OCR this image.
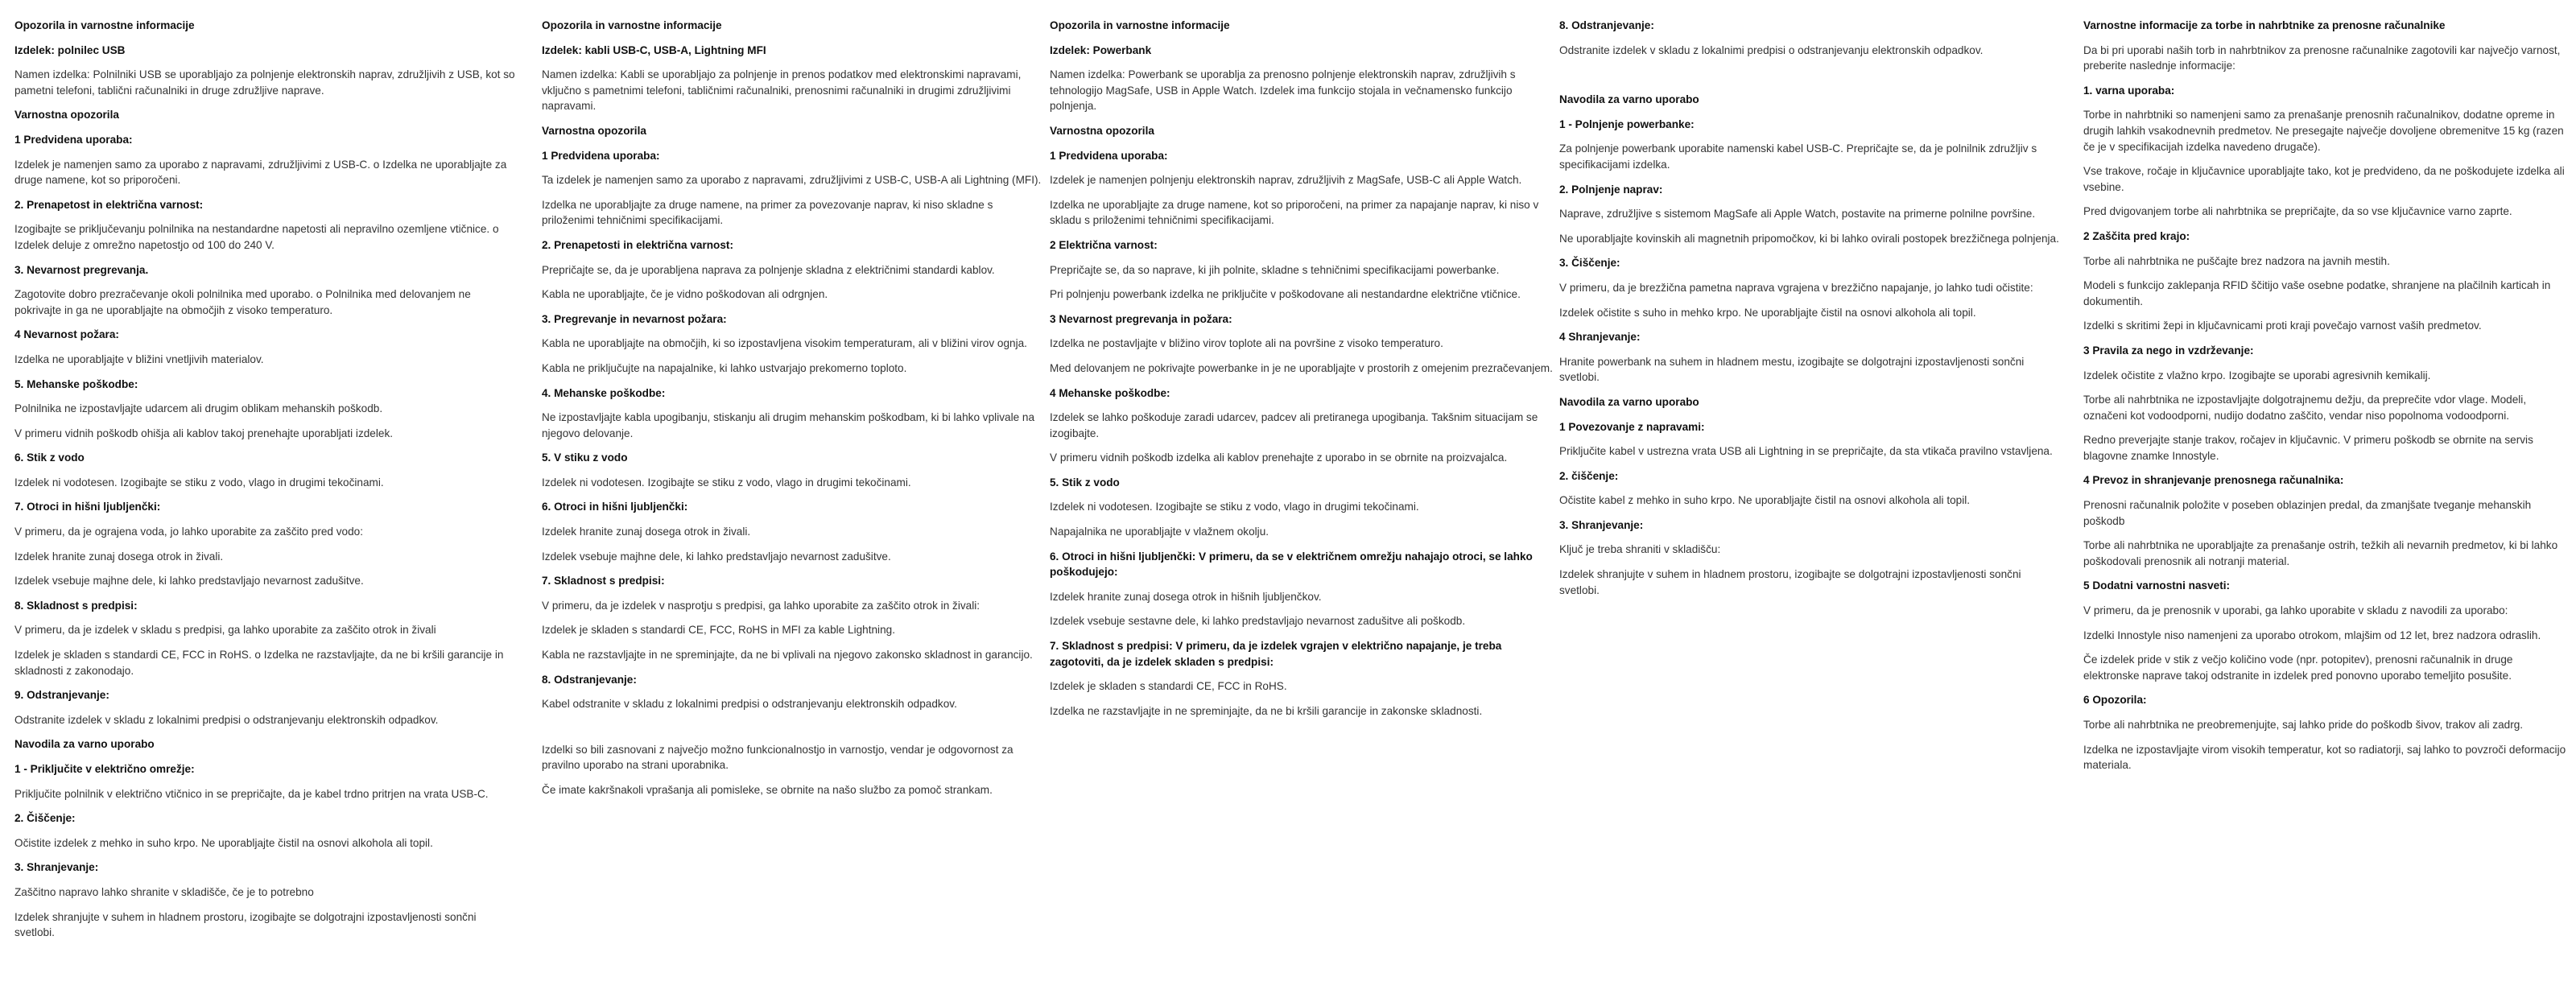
Opozorila in varnostne informacije
Izdelek: polnilec USB
Namen izdelka: Polnilniki USB se uporabljajo za polnjenje elektronskih naprav, združljivih z USB, kot so pametni telefoni, tablični računalniki in druge združljive naprave.
Varnostna opozorila
1 Predvidena uporaba:
Izdelek je namenjen samo za uporabo z napravami, združljivimi z USB-C. o Izdelka ne uporabljajte za druge namene, kot so priporočeni.
2. Prenapetost in električna varnost:
Izogibajte se priključevanju polnilnika na nestandardne napetosti ali nepravilno ozemljene vtičnice. o Izdelek deluje z omrežno napetostjo od 100 do 240 V.
3. Nevarnost pregrevanja.
Zagotovite dobro prezračevanje okoli polnilnika med uporabo. o Polnilnika med delovanjem ne pokrivajte in ga ne uporabljajte na območjih z visoko temperaturo.
4 Nevarnost požara:
Izdelka ne uporabljajte v bližini vnetljivih materialov.
5. Mehanske poškodbe:
Polnilnika ne izpostavljajte udarcem ali drugim oblikam mehanskih poškodb.
V primeru vidnih poškodb ohišja ali kablov takoj prenehajte uporabljati izdelek.
6. Stik z vodo
Izdelek ni vodotesen. Izogibajte se stiku z vodo, vlago in drugimi tekočinami.
7. Otroci in hišni ljubljenčki:
V primeru, da je ograjena voda, jo lahko uporabite za zaščito pred vodo:
Izdelek hranite zunaj dosega otrok in živali.
Izdelek vsebuje majhne dele, ki lahko predstavljajo nevarnost zadušitve.
8. Skladnost s predpisi:
V primeru, da je izdelek v skladu s predpisi, ga lahko uporabite za zaščito otrok in živali
Izdelek je skladen s standardi CE, FCC in RoHS. o Izdelka ne razstavljajte, da ne bi kršili garancije in skladnosti z zakonodajo.
9. Odstranjevanje:
Odstranite izdelek v skladu z lokalnimi predpisi o odstranjevanju elektronskih odpadkov.
Navodila za varno uporabo
1 - Priključite v električno omrežje:
Priključite polnilnik v električno vtičnico in se prepričajte, da je kabel trdno pritrjen na vrata USB-C.
2. Čiščenje:
Očistite izdelek z mehko in suho krpo. Ne uporabljajte čistil na osnovi alkohola ali topil.
3. Shranjevanje:
Zaščitno napravo lahko shranite v skladišče, če je to potrebno
Izdelek shranjujte v suhem in hladnem prostoru, izogibajte se dolgotrajni izpostavljenosti sončni svetlobi.
Opozorila in varnostne informacije
Izdelek: kabli USB-C, USB-A, Lightning MFI
Namen izdelka: Kabli se uporabljajo za polnjenje in prenos podatkov med elektronskimi napravami, vključno s pametnimi telefoni, tabličnimi računalniki, prenosnimi računalniki in drugimi združljivimi napravami.
Varnostna opozorila
1 Predvidena uporaba:
Ta izdelek je namenjen samo za uporabo z napravami, združljivimi z USB-C, USB-A ali Lightning (MFI).
Izdelka ne uporabljajte za druge namene, na primer za povezovanje naprav, ki niso skladne s priloženimi tehničnimi specifikacijami.
2. Prenapetosti in električna varnost:
Prepričajte se, da je uporabljena naprava za polnjenje skladna z električnimi standardi kablov.
Kabla ne uporabljajte, če je vidno poškodovan ali odrgnjen.
3. Pregrevanje in nevarnost požara:
Kabla ne uporabljajte na območjih, ki so izpostavljena visokim temperaturam, ali v bližini virov ognja.
Kabla ne priključujte na napajalnike, ki lahko ustvarjajo prekomerno toploto.
4. Mehanske poškodbe:
Ne izpostavljajte kabla upogibanju, stiskanju ali drugim mehanskim poškodbam, ki bi lahko vplivale na njegovo delovanje.
5. V stiku z vodo
Izdelek ni vodotesen. Izogibajte se stiku z vodo, vlago in drugimi tekočinami.
6. Otroci in hišni ljubljenčki:
Izdelek hranite zunaj dosega otrok in živali.
Izdelek vsebuje majhne dele, ki lahko predstavljajo nevarnost zadušitve.
7. Skladnost s predpisi:
V primeru, da je izdelek v nasprotju s predpisi, ga lahko uporabite za zaščito otrok in živali:
Izdelek je skladen s standardi CE, FCC, RoHS in MFI za kable Lightning.
Kabla ne razstavljajte in ne spreminjajte, da ne bi vplivali na njegovo zakonsko skladnost in garancijo.
8. Odstranjevanje:
Kabel odstranite v skladu z lokalnimi predpisi o odstranjevanju elektronskih odpadkov.
Izdelki so bili zasnovani z največjo možno funkcionalnostjo in varnostjo, vendar je odgovornost za pravilno uporabo na strani uporabnika.
Če imate kakršnakoli vprašanja ali pomisleke, se obrnite na našo službo za pomoč strankam.
Opozorila in varnostne informacije
Izdelek: Powerbank
Namen izdelka: Powerbank se uporablja za prenosno polnjenje elektronskih naprav, združljivih s tehnologijo MagSafe, USB in Apple Watch. Izdelek ima funkcijo stojala in večnamensko funkcijo polnjenja.
Varnostna opozorila
1 Predvidena uporaba:
Izdelek je namenjen polnjenju elektronskih naprav, združljivih z MagSafe, USB-C ali Apple Watch.
Izdelka ne uporabljajte za druge namene, kot so priporočeni, na primer za napajanje naprav, ki niso v skladu s priloženimi tehničnimi specifikacijami.
2 Električna varnost:
Prepričajte se, da so naprave, ki jih polnite, skladne s tehničnimi specifikacijami powerbanke.
Pri polnjenju powerbank izdelka ne priključite v poškodovane ali nestandardne električne vtičnice.
3 Nevarnost pregrevanja in požara:
Izdelka ne postavljajte v bližino virov toplote ali na površine z visoko temperaturo.
Med delovanjem ne pokrivajte powerbanke in je ne uporabljajte v prostorih z omejenim prezračevanjem.
4 Mehanske poškodbe:
Izdelek se lahko poškoduje zaradi udarcev, padcev ali pretiranega upogibanja. Takšnim situacijam se izogibajte.
V primeru vidnih poškodb izdelka ali kablov prenehajte z uporabo in se obrnite na proizvajalca.
5. Stik z vodo
Izdelek ni vodotesen. Izogibajte se stiku z vodo, vlago in drugimi tekočinami.
Napajalnika ne uporabljajte v vlažnem okolju.
6. Otroci in hišni ljubljenčki: V primeru, da se v električnem omrežju nahajajo otroci, se lahko poškodujejo:
Izdelek hranite zunaj dosega otrok in hišnih ljubljenčkov.
Izdelek vsebuje sestavne dele, ki lahko predstavljajo nevarnost zadušitve ali poškodb.
7. Skladnost s predpisi: V primeru, da je izdelek vgrajen v električno napajanje, je treba zagotoviti, da je izdelek skladen s predpisi:
Izdelek je skladen s standardi CE, FCC in RoHS.
Izdelka ne razstavljajte in ne spreminjajte, da ne bi kršili garancije in zakonske skladnosti.
8. Odstranjevanje:
Odstranite izdelek v skladu z lokalnimi predpisi o odstranjevanju elektronskih odpadkov.
Navodila za varno uporabo
1 - Polnjenje powerbanke:
Za polnjenje powerbank uporabite namenski kabel USB-C. Prepričajte se, da je polnilnik združljiv s specifikacijami izdelka.
2. Polnjenje naprav:
Naprave, združljive s sistemom MagSafe ali Apple Watch, postavite na primerne polnilne površine.
Ne uporabljajte kovinskih ali magnetnih pripomočkov, ki bi lahko ovirali postopek brezžičnega polnjenja.
3. Čiščenje:
V primeru, da je brezžična pametna naprava vgrajena v brezžično napajanje, jo lahko tudi očistite:
Izdelek očistite s suho in mehko krpo. Ne uporabljajte čistil na osnovi alkohola ali topil.
4 Shranjevanje:
Hranite powerbank na suhem in hladnem mestu, izogibajte se dolgotrajni izpostavljenosti sončni svetlobi.
Navodila za varno uporabo
1 Povezovanje z napravami:
Priključite kabel v ustrezna vrata USB ali Lightning in se prepričajte, da sta vtikača pravilno vstavljena.
2. čiščenje:
Očistite kabel z mehko in suho krpo. Ne uporabljajte čistil na osnovi alkohola ali topil.
3. Shranjevanje:
Ključ je treba shraniti v skladišču:
Izdelek shranjujte v suhem in hladnem prostoru, izogibajte se dolgotrajni izpostavljenosti sončni svetlobi.
Varnostne informacije za torbe in nahrbtnike za prenosne računalnike
Da bi pri uporabi naših torb in nahrbtnikov za prenosne računalnike zagotovili kar največjo varnost, preberite naslednje informacije:
1. varna uporaba:
Torbe in nahrbtniki so namenjeni samo za prenašanje prenosnih računalnikov, dodatne opreme in drugih lahkih vsakodnevnih predmetov. Ne presegajte največje dovoljene obremenitve 15 kg (razen če je v specifikacijah izdelka navedeno drugače).
Vse trakove, ročaje in ključavnice uporabljajte tako, kot je predvideno, da ne poškodujete izdelka ali vsebine.
Pred dvigovanjem torbe ali nahrbtnika se prepričajte, da so vse ključavnice varno zaprte.
2 Zaščita pred krajo:
Torbe ali nahrbtnika ne puščajte brez nadzora na javnih mestih.
Modeli s funkcijo zaklepanja RFID ščitijo vaše osebne podatke, shranjene na plačilnih karticah in dokumentih.
Izdelki s skritimi žepi in ključavnicami proti kraji povečajo varnost vaših predmetov.
3 Pravila za nego in vzdrževanje:
Izdelek očistite z vlažno krpo. Izogibajte se uporabi agresivnih kemikalij.
Torbe ali nahrbtnika ne izpostavljajte dolgotrajnemu dežju, da preprečite vdor vlage. Modeli, označeni kot vodoodporni, nudijo dodatno zaščito, vendar niso popolnoma vodoodporni.
Redno preverjajte stanje trakov, ročajev in ključavnic. V primeru poškodb se obrnite na servis blagovne znamke Innostyle.
4 Prevoz in shranjevanje prenosnega računalnika:
Prenosni računalnik položite v poseben oblazinjen predal, da zmanjšate tveganje mehanskih poškodb
Torbe ali nahrbtnika ne uporabljajte za prenašanje ostrih, težkih ali nevarnih predmetov, ki bi lahko poškodovali prenosnik ali notranji material.
5 Dodatni varnostni nasveti:
V primeru, da je prenosnik v uporabi, ga lahko uporabite v skladu z navodili za uporabo:
Izdelki Innostyle niso namenjeni za uporabo otrokom, mlajšim od 12 let, brez nadzora odraslih.
Če izdelek pride v stik z večjo količino vode (npr. potopitev), prenosni računalnik in druge elektronske naprave takoj odstranite in izdelek pred ponovno uporabo temeljito posušite.
6 Opozorila:
Torbe ali nahrbtnika ne preobremenjujte, saj lahko pride do poškodb šivov, trakov ali zadrg.
Izdelka ne izpostavljajte virom visokih temperatur, kot so radiatorji, saj lahko to povzroči deformacijo materiala.
